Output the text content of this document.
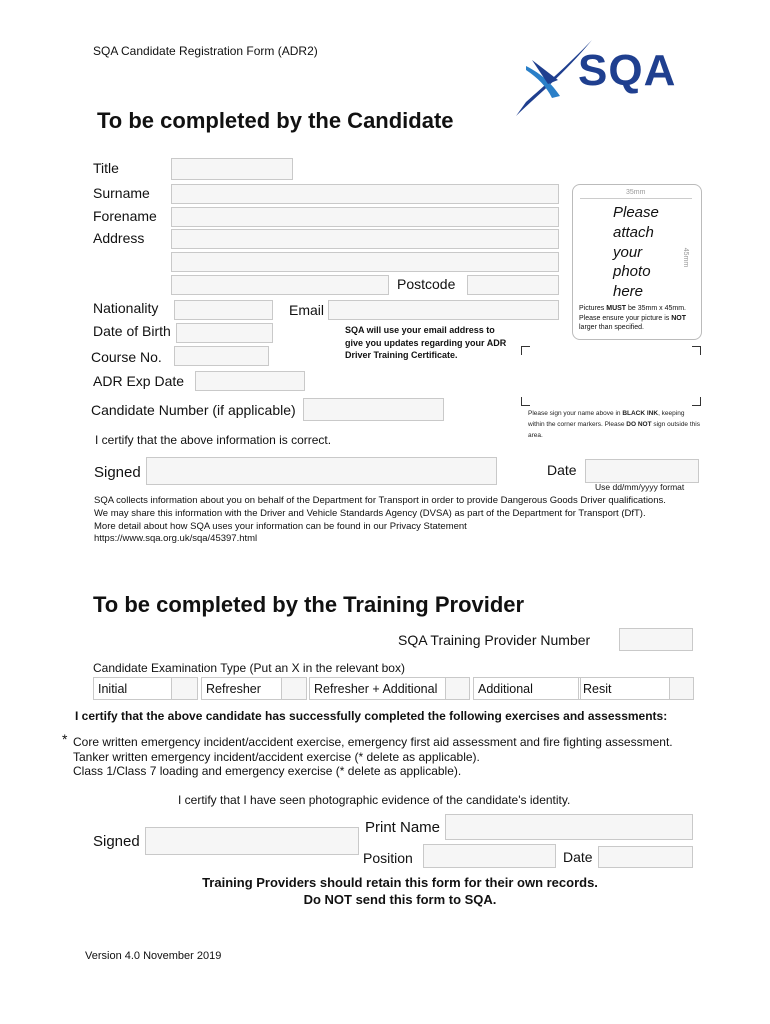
SQA Candidate Registration Form (ADR2)	SQA
To be completed by the Candidate
Title
Surname
Forename
Address
Postcode
Nationality	Email
Date of Birth	SQA will use your email address to give you updates regarding your ADR Driver Training Certificate.
Course No.
ADR Exp Date
Candidate Number (if applicable)
I certify that the above information is correct.
Signed	Date
Use dd/mm/yyyy format
35mm
45mm
Please attach your photo here
Pictures MUST be 35mm x 45mm. Please ensure your picture is NOT larger than specified.
Please sign your name above in BLACK INK, keeping within the corner markers. Please DO NOT sign outside this area.
SQA collects information about you on behalf of the Department for Transport in order to provide Dangerous Goods Driver qualifications.
We may share this information with the Driver and Vehicle Standards Agency (DVSA) as part of the Department for Transport (DfT).
More detail about how SQA uses your information can be found in our Privacy Statement
https://www.sqa.org.uk/sqa/45397.html
To be completed by the Training Provider
SQA Training Provider Number
Candidate Examination Type (Put an X in the relevant box)
Initial	Refresher	Refresher + Additional	Additional	Resit
I certify that the above candidate has successfully completed the following exercises and assessments:
* Core written emergency incident/accident exercise, emergency first aid assessment and fire fighting assessment.
Tanker written emergency incident/accident exercise (* delete as applicable).
Class 1/Class 7 loading and emergency exercise (* delete as applicable).
I certify that I have seen photographic evidence of the candidate's identity.
Signed
Print Name
Position	Date
Training Providers should retain this form for their own records.
Do NOT send this form to SQA.
Version 4.0 November 2019
